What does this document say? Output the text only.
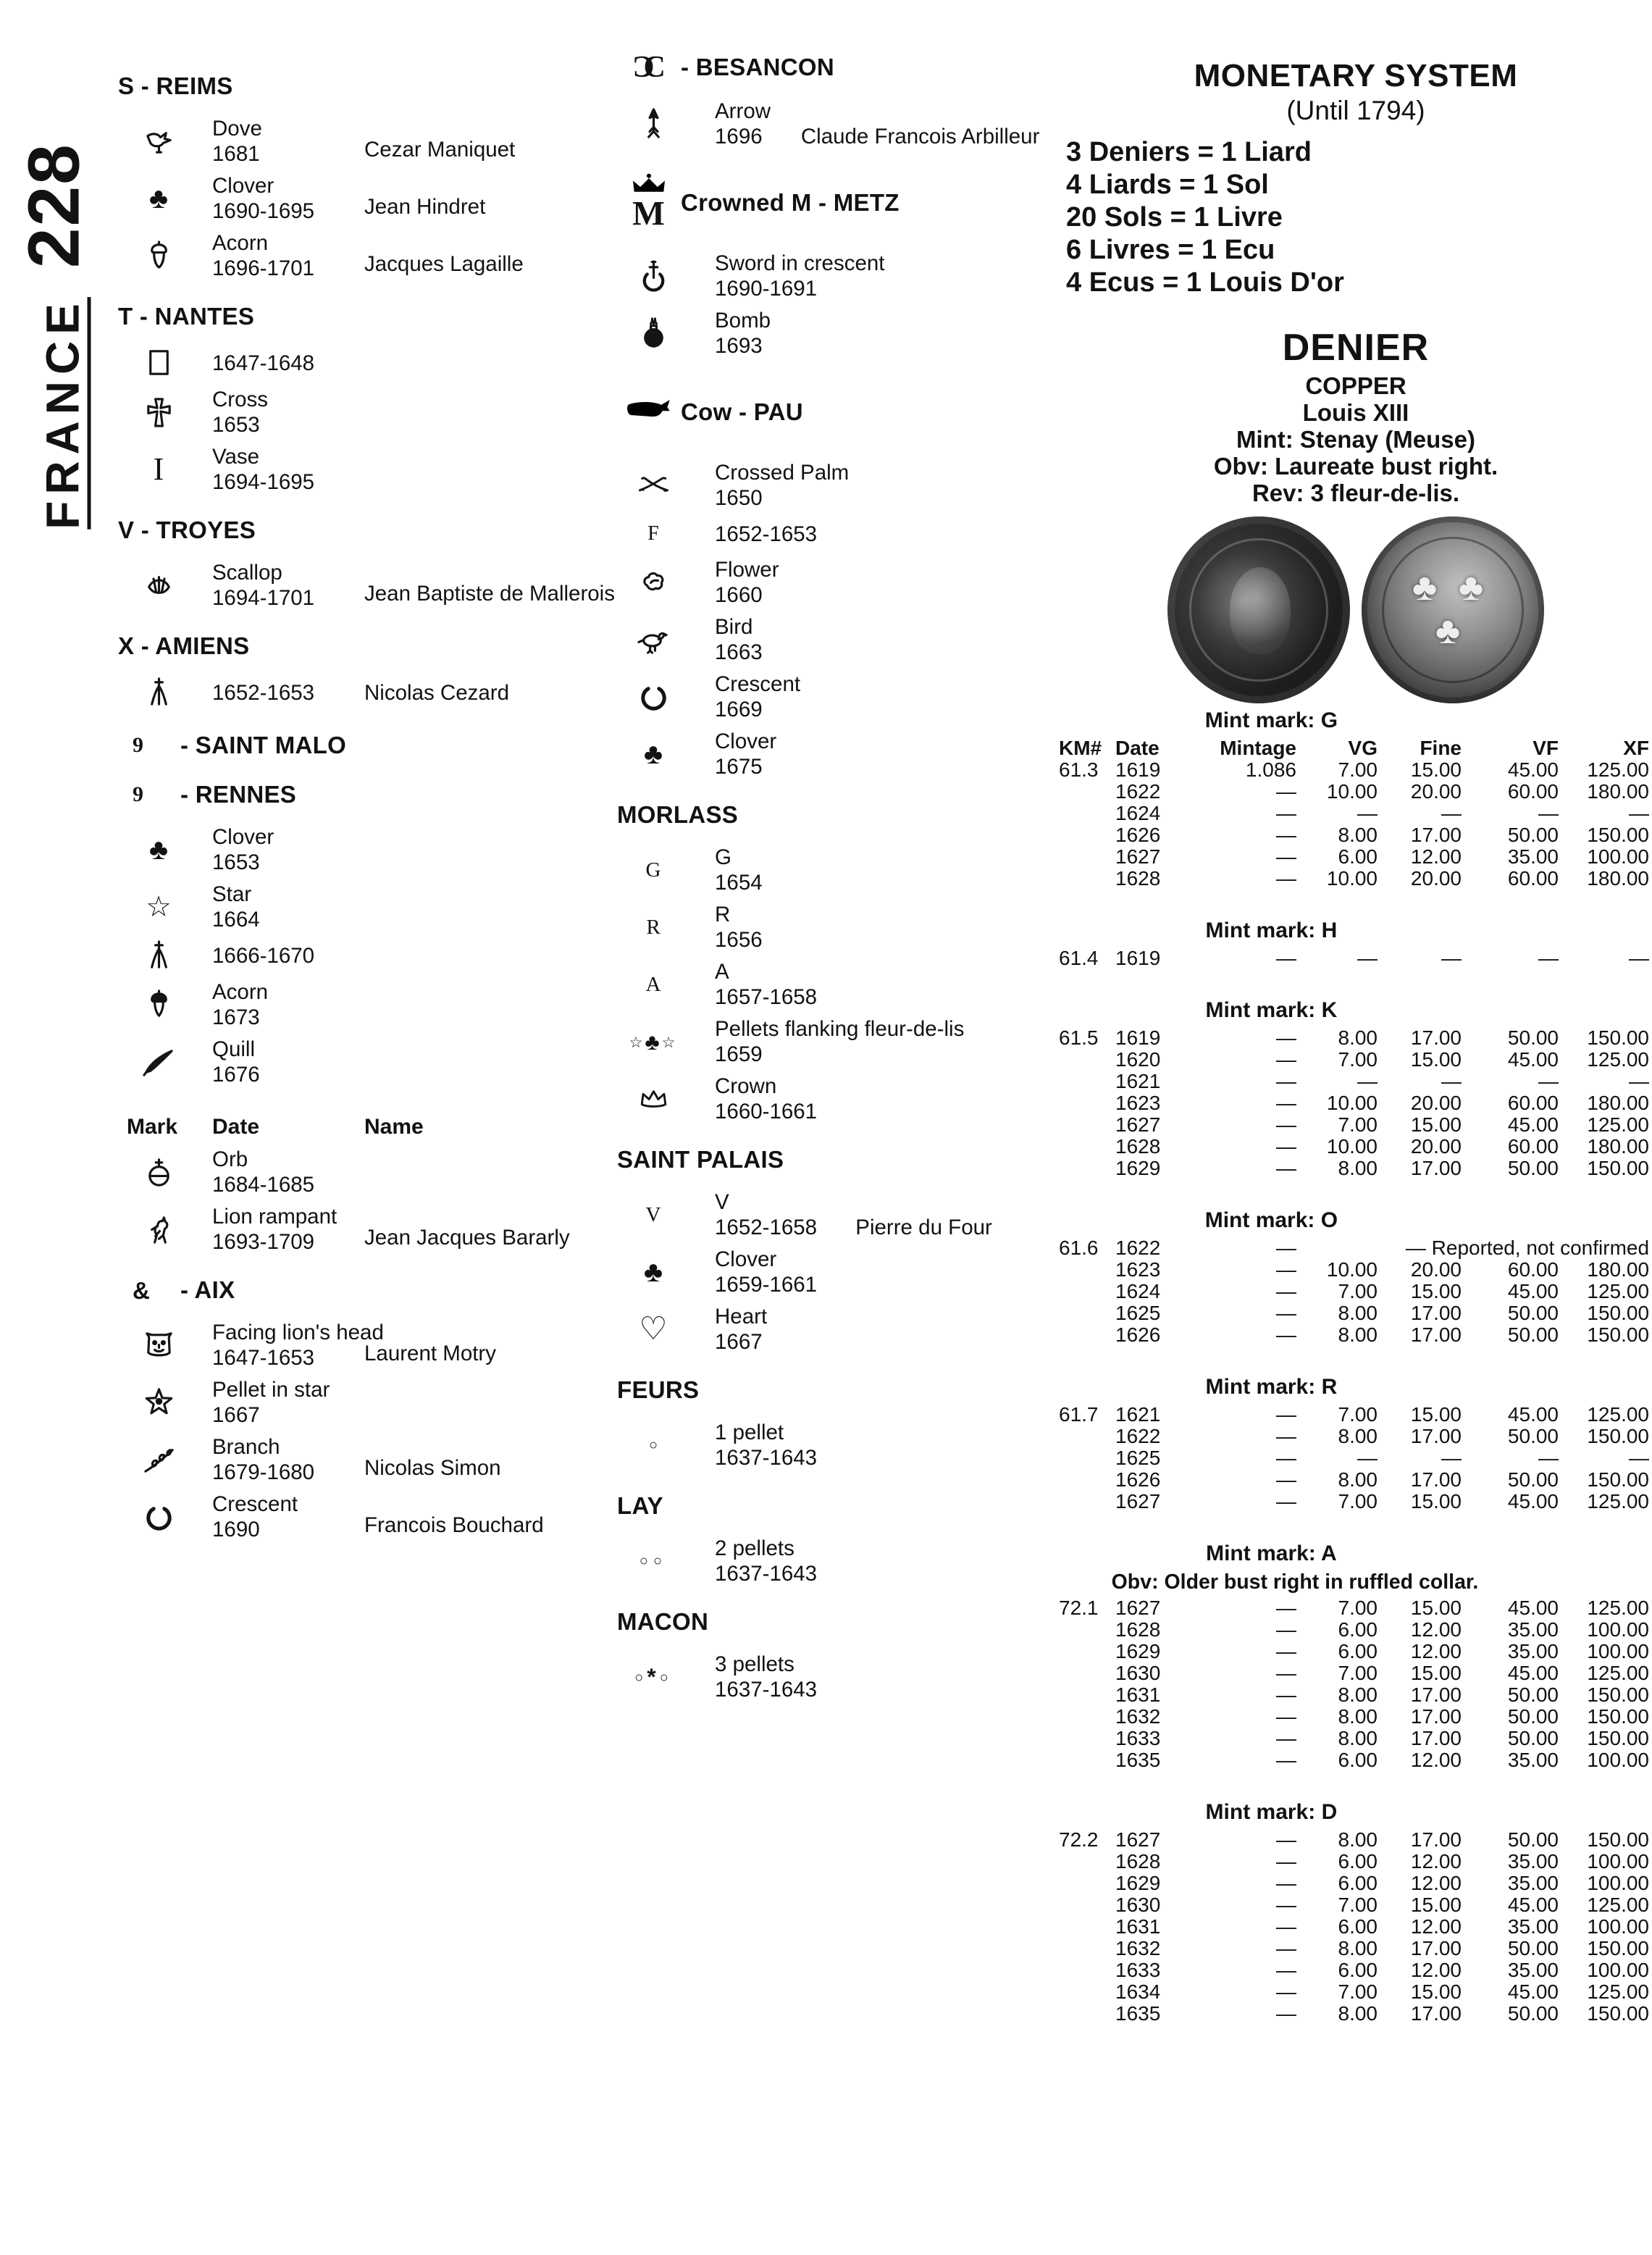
FRANCE
228
S - REIMS
Dove
1681	Cezar Maniquet
♣ Clover
1690-1695 Jean Hindret
Acorn
1696-1701 Jacques Lagaille
T - NANTES
1647-1648
Cross
1653
I Vase
1694-1695
V - TROYES
Scallop
1694-1701 Jean Baptiste de Mallerois
X - AMIENS
1652-1653 Nicolas Cezard
9 - SAINT MALO
9 - RENNES
♣ Clover
1653
☆ Star
1664
1666-1670
Acorn
1673
Quill
1676
Mark Date	Name
Orb
1684-1685
Lion rampant
1693-1709	Jean Jacques Bararly
& - AIX
Facing lion's head
1647-1653	Laurent Motry
Pellet in star
1667
Branch
1679-1680 Nicolas Simon
Crescent
1690	Francois Bouchard
ƆC	- BESANCON
Arrow
1696 Claude Francois Arbilleur
M Crowned M - METZ
Sword in crescent
1690-1691
Bomb
1693
Cow - PAU
Crossed Palm
1650
F	1652-1653
Flower
1660
Bird
1663
Crescent
1669
♣ Clover
1675
MORLASS
G
G
1654
R
R
1656
A
A
1657-1658
☆♣☆
Pellets flanking fleur-de-lis
1659
Crown
1660-1661
SAINT PALAIS
V
V
1652-1658 Pierre du Four
♣ Clover
1659-1661
♡ Heart
1667
FEURS
○
1 pellet
1637-1643
LAY
○○
2 pellets
1637-1643
MACON
○*○
3 pellets
1637-1643
MONETARY SYSTEM
(Until 1794)
3 Deniers = 1 Liard
4 Liards = 1 Sol
20 Sols = 1 Livre
6 Livres = 1 Ecu
4 Ecus = 1 Louis D'or
DENIER
COPPER
Louis XIII
Mint: Stenay (Meuse)
Obv: Laureate bust right.
Rev: 3 fleur-de-lis.
♣ ♣
♣
Mint mark: G
KM#	Date	Mintage	VG	Fine	VF	XF
61.3	1619	1.086	7.00	15.00	45.00	125.00
	1622	—	10.00	20.00	60.00	180.00
	1624	—	—	—	—	—
	1626	—	8.00	17.00	50.00	150.00
	1627	—	6.00	12.00	35.00	100.00
	1628	—	10.00	20.00	60.00	180.00
Mint mark: H
61.4	1619	—	—	—	—	—
Mint mark: K
61.5	1619	—	8.00	17.00	50.00	150.00
	1620	—	7.00	15.00	45.00	125.00
	1621	—	—	—	—	—
	1623	—	10.00	20.00	60.00	180.00
	1627	—	7.00	15.00	45.00	125.00
	1628	—	10.00	20.00	60.00	180.00
	1629	—	8.00	17.00	50.00	150.00
Mint mark: O
61.6	1622	—	— Reported, not confirmed			
	1623	—	10.00	20.00	60.00	180.00
	1624	—	7.00	15.00	45.00	125.00
	1625	—	8.00	17.00	50.00	150.00
	1626	—	8.00	17.00	50.00	150.00
Mint mark: R
61.7	1621	—	7.00	15.00	45.00	125.00
	1622	—	8.00	17.00	50.00	150.00
	1625	—	—	—	—	—
	1626	—	8.00	17.00	50.00	150.00
	1627	—	7.00	15.00	45.00	125.00
Mint mark: A
Obv: Older bust right in ruffled collar.
72.1	1627	—	7.00	15.00	45.00	125.00
	1628	—	6.00	12.00	35.00	100.00
	1629	—	6.00	12.00	35.00	100.00
	1630	—	7.00	15.00	45.00	125.00
	1631	—	8.00	17.00	50.00	150.00
	1632	—	8.00	17.00	50.00	150.00
	1633	—	8.00	17.00	50.00	150.00
	1635	—	6.00	12.00	35.00	100.00
Mint mark: D
72.2	1627	—	8.00	17.00	50.00	150.00
	1628	—	6.00	12.00	35.00	100.00
	1629	—	6.00	12.00	35.00	100.00
	1630	—	7.00	15.00	45.00	125.00
	1631	—	6.00	12.00	35.00	100.00
	1632	—	8.00	17.00	50.00	150.00
	1633	—	6.00	12.00	35.00	100.00
	1634	—	7.00	15.00	45.00	125.00
	1635	—	8.00	17.00	50.00	150.00
